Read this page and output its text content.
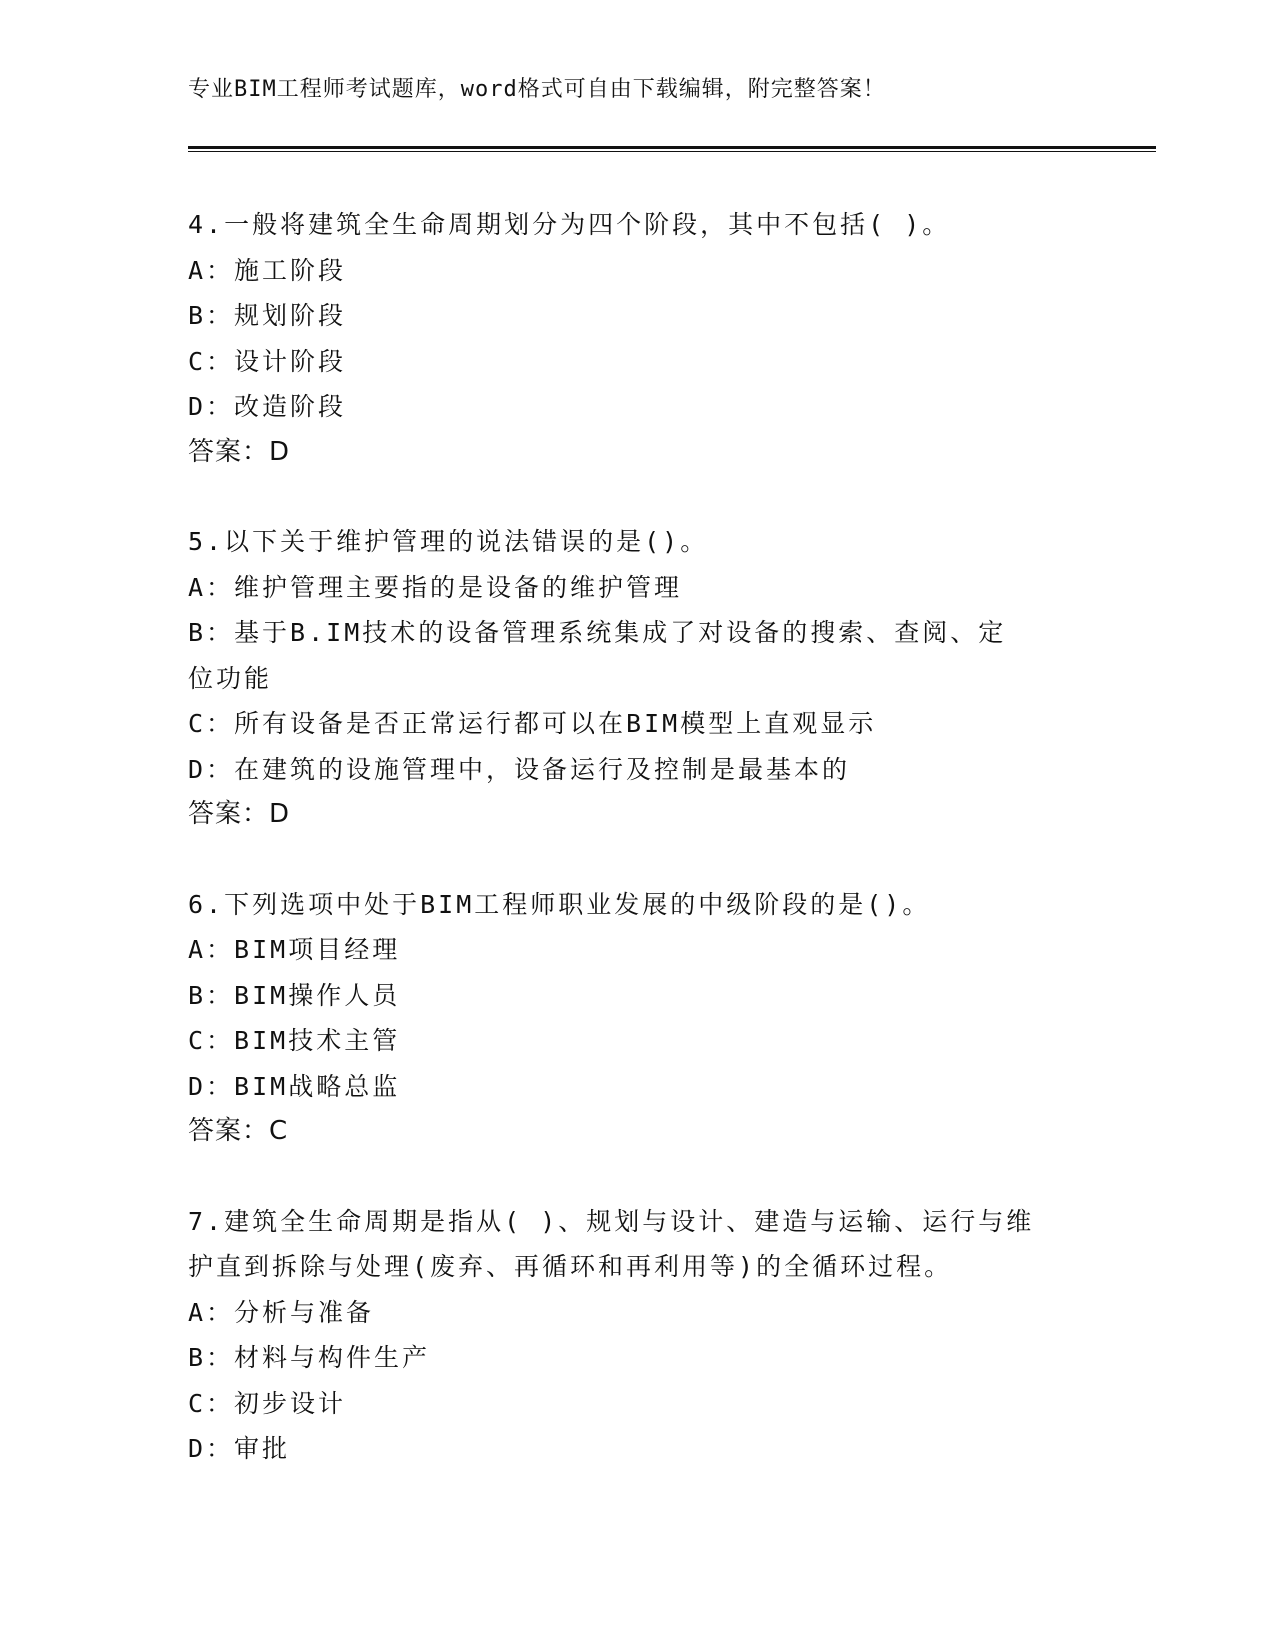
专业BIM工程师考试题库，word格式可自由下载编辑，附完整答案！
4.一般将建筑全生命周期划分为四个阶段，其中不包括( )。
A：施工阶段
B：规划阶段
C：设计阶段
D：改造阶段
答案：D
5.以下关于维护管理的说法错误的是()。
A：维护管理主要指的是设备的维护管理
B：基于B.IM技术的设备管理系统集成了对设备的搜索、查阅、定位功能
C：所有设备是否正常运行都可以在BIM模型上直观显示
D：在建筑的设施管理中，设备运行及控制是最基本的
答案：D
6.下列选项中处于BIM工程师职业发展的中级阶段的是()。
A：BIM项目经理
B：BIM操作人员
C：BIM技术主管
D：BIM战略总监
答案：C
7.建筑全生命周期是指从( )、规划与设计、建造与运输、运行与维护直到拆除与处理(废弃、再循环和再利用等)的全循环过程。
A：分析与准备
B：材料与构件生产
C：初步设计
D：审批
